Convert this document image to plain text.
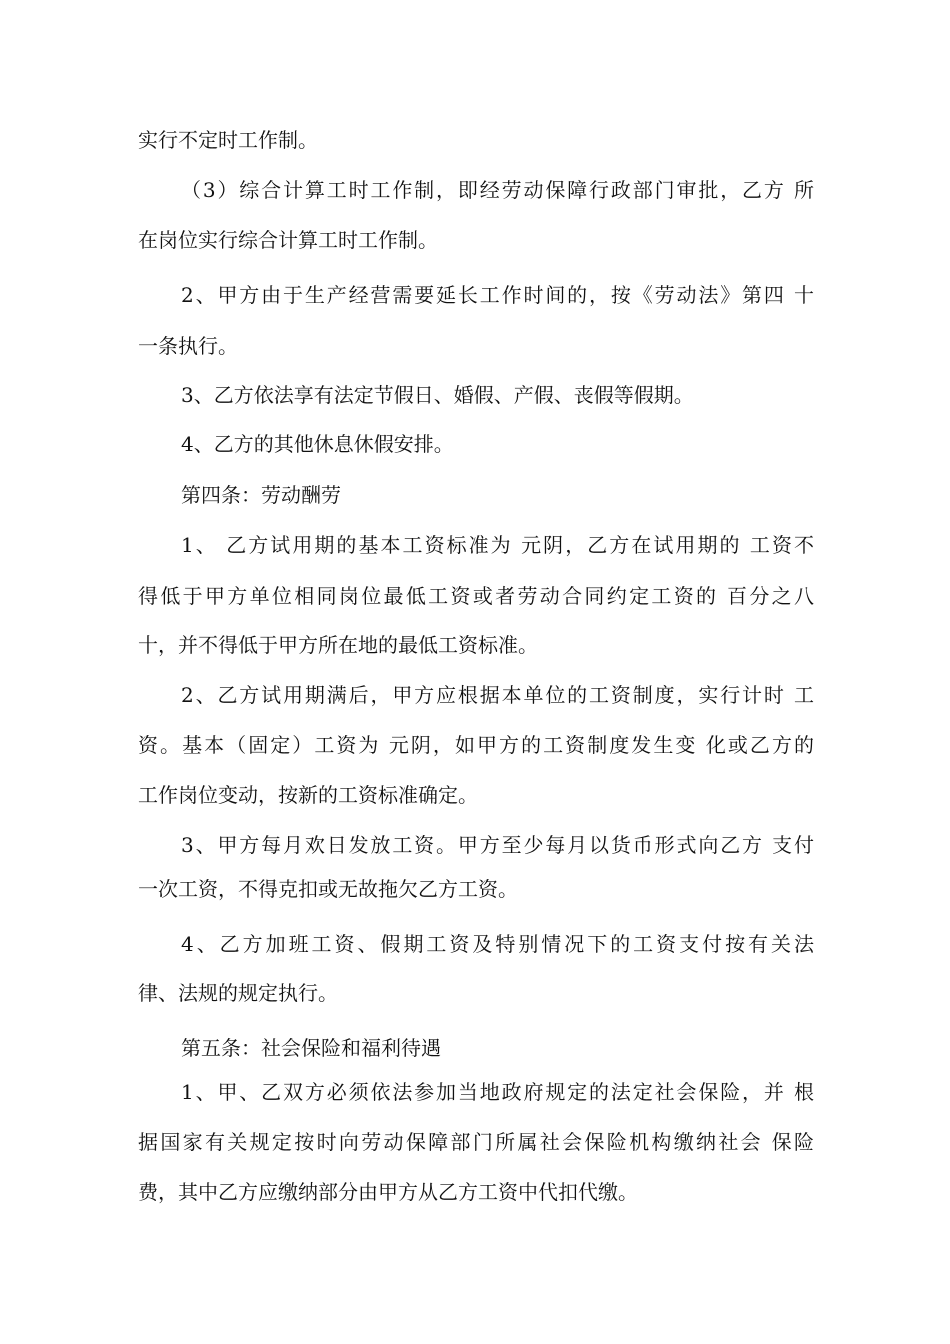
实行不定时工作制。
（3）综合计算工时工作制，即经劳动保障行政部门审批，乙方 所
在岗位实行综合计算工时工作制。
2、甲方由于生产经营需要延长工作时间的，按《劳动法》第四 十
一条执行。
3、乙方依法享有法定节假日、婚假、产假、丧假等假期。
4、乙方的其他休息休假安排。
第四条：劳动酬劳
1、 乙方试用期的基本工资标准为 元阴，乙方在试用期的 工资不
得低于甲方单位相同岗位最低工资或者劳动合同约定工资的 百分之八
十，并不得低于甲方所在地的最低工资标准。
2、乙方试用期满后，甲方应根据本单位的工资制度，实行计时 工
资。基本（固定）工资为 元阴，如甲方的工资制度发生变 化或乙方的
工作岗位变动，按新的工资标准确定。
3、甲方每月欢日发放工资。甲方至少每月以货币形式向乙方 支付
一次工资，不得克扣或无故拖欠乙方工资。
4、乙方加班工资、假期工资及特别情况下的工资支付按有关法
律、法规的规定执行。
第五条：社会保险和福利待遇
1、甲、乙双方必须依法参加当地政府规定的法定社会保险，并 根
据国家有关规定按时向劳动保障部门所属社会保险机构缴纳社会 保险
费，其中乙方应缴纳部分由甲方从乙方工资中代扣代缴。
